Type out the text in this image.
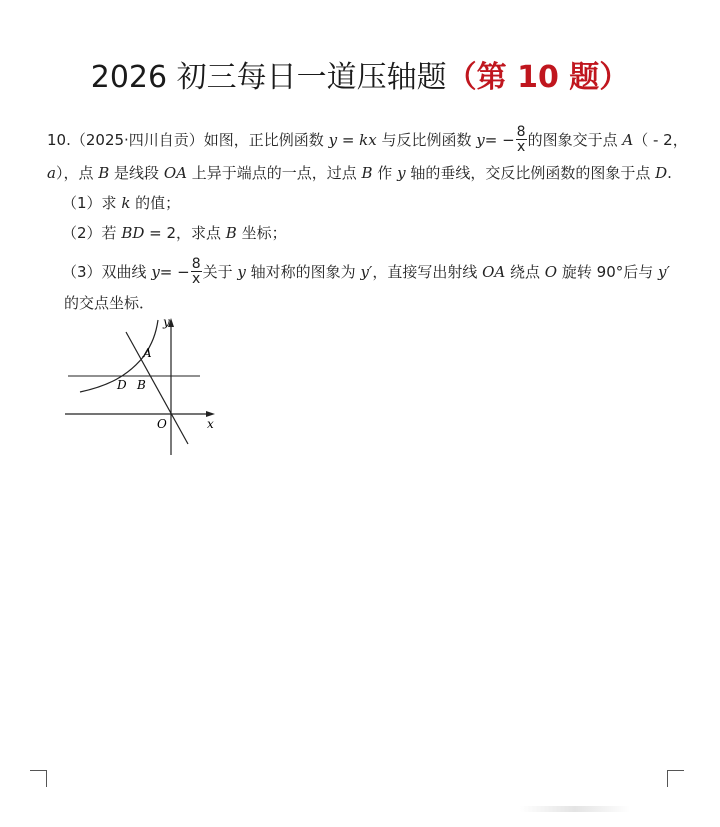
2026 初三每日一道压轴题（第 10 题）
10.（2025·四川自贡）如图，正比例函数 y = kx 与反比例函数 $y= - \frac{8}{x}$ 的图象交于点 A（ - 2，
a），点 B 是线段 OA 上异于端点的一点，过点 B 作 y 轴的垂线，交反比例函数的图象于点 D.
（1）求 k 的值；
（2）若 BD = 2，求点 B 坐标；
（3）双曲线 $y= - \frac{8}{x}$ 关于 y 轴对称的图象为 y′，直接写出射线 OA 绕点 O 旋转 90°后与 y′
的交点坐标．
y
x
O
A
B
D
